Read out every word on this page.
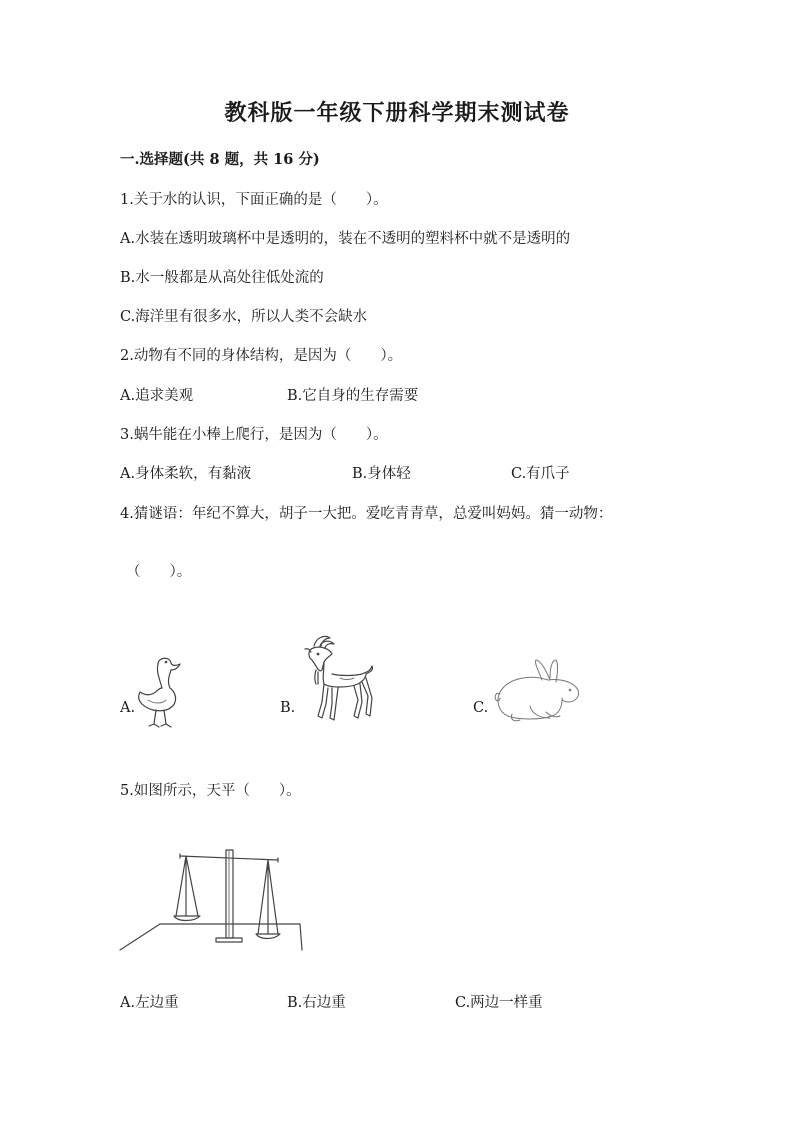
教科版一年级下册科学期末测试卷
一.选择题(共 8 题，共 16 分)
1.关于水的认识，下面正确的是（　　）。
A.水装在透明玻璃杯中是透明的，装在不透明的塑料杯中就不是透明的
B.水一般都是从高处往低处流的
C.海洋里有很多水，所以人类不会缺水
2.动物有不同的身体结构，是因为（　　）。
A.追求美观	B.它自身的生存需要
3.蜗牛能在小棒上爬行，是因为（　　）。
A.身体柔软，有黏液	B.身体轻	C.有爪子
4.猜谜语：年纪不算大，胡子一大把。爱吃青青草，总爱叫妈妈。猜一动物：
（　　）。
A.	B.	C.
5.如图所示，天平（　　）。
A.左边重	B.右边重	C.两边一样重
